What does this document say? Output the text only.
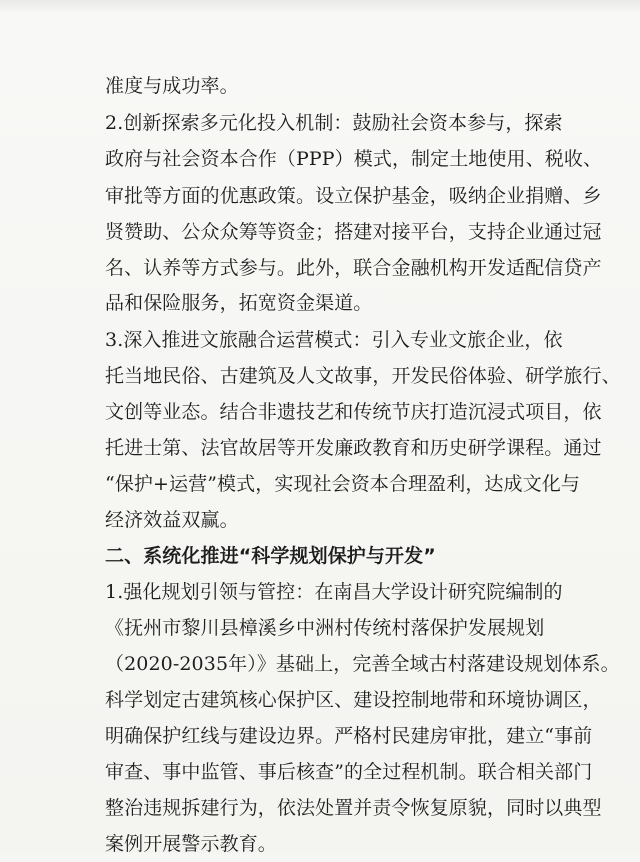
准度与成功率。
2.创新探索多元化投入机制：鼓励社会资本参与，探索
政府与社会资本合作（PPP）模式，制定土地使用、税收、
审批等方面的优惠政策。设立保护基金，吸纳企业捐赠、乡
贤赞助、公众众筹等资金；搭建对接平台，支持企业通过冠
名、认养等方式参与。此外，联合金融机构开发适配信贷产
品和保险服务，拓宽资金渠道。
3.深入推进文旅融合运营模式：引入专业文旅企业，依
托当地民俗、古建筑及人文故事，开发民俗体验、研学旅行、
文创等业态。结合非遗技艺和传统节庆打造沉浸式项目，依
托进士第、法官故居等开发廉政教育和历史研学课程。通过
“保护+运营”模式，实现社会资本合理盈利，达成文化与
经济效益双赢。
二、系统化推进“科学规划保护与开发”
1.强化规划引领与管控：在南昌大学设计研究院编制的
《抚州市黎川县樟溪乡中洲村传统村落保护发展规划
（2020-2035年）》基础上，完善全域古村落建设规划体系。
科学划定古建筑核心保护区、建设控制地带和环境协调区，
明确保护红线与建设边界。严格村民建房审批，建立“事前
审查、事中监管、事后核查”的全过程机制。联合相关部门
整治违规拆建行为，依法处置并责令恢复原貌，同时以典型
案例开展警示教育。
